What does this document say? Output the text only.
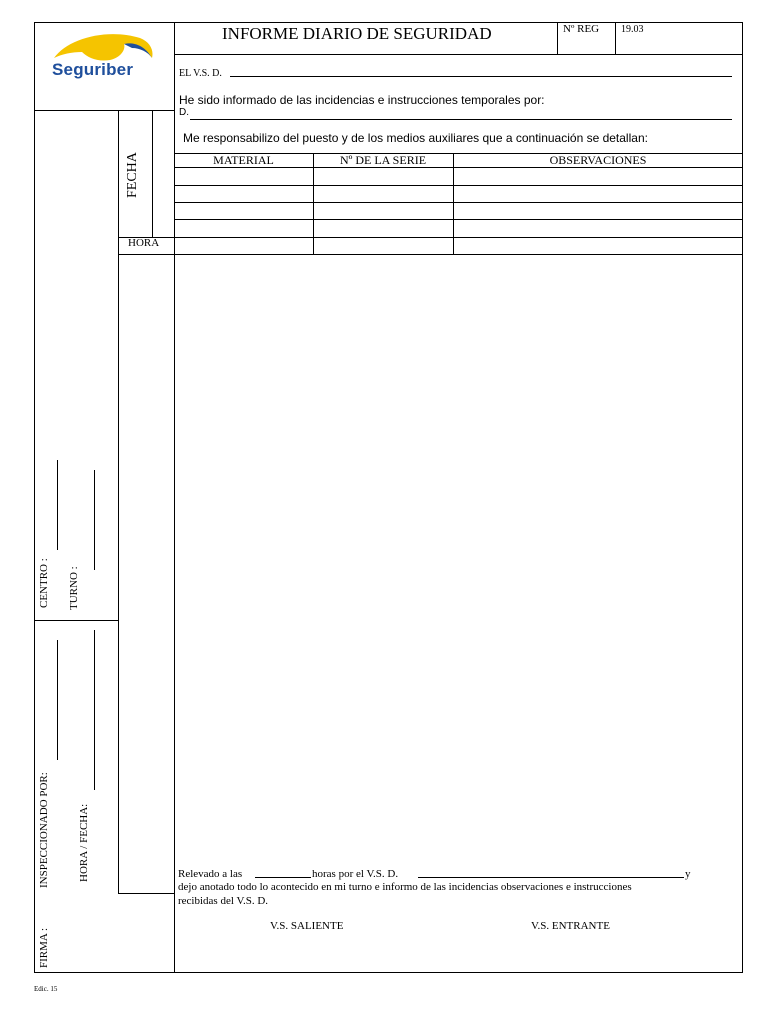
Seguriber
INFORME DIARIO DE SEGURIDAD	Nº REG 19.03
EL V.S. D.
He sido informado de las incidencias e instrucciones temporales por:
D.
Me responsabilizo del puesto y de los medios auxiliares que a continuación se detallan:
MATERIAL	Nº DE LA SERIE	OBSERVACIONES
FECHA
HORA
CENTRO : TURNO :
INSPECCIONADO POR:	HORA / FECHA:
FIRMA :
Relevado a las	horas por el V.S. D.	y
dejo anotado todo lo acontecido en mi turno e informo de las incidencias observaciones e instrucciones
recibidas del V.S. D.
V.S. SALIENTE	V.S. ENTRANTE
Edic. 15
